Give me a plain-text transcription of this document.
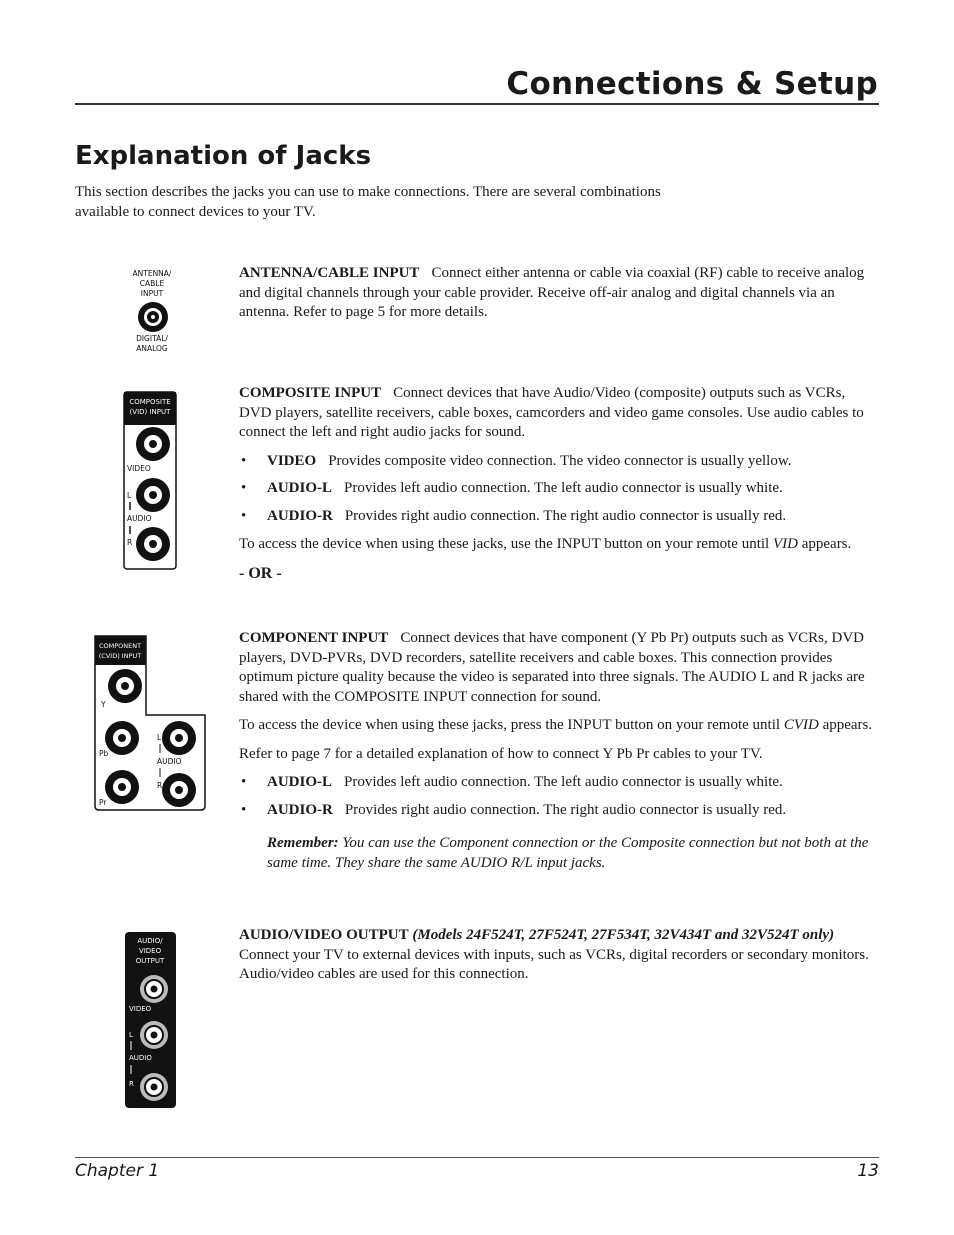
Connections & Setup
Explanation of Jacks
This section describes the jacks you can use to make connections. There are several combinations available to connect devices to your TV.
ANTENNA/
CABLE
INPUT
DIGITAL/
ANALOG

ANTENNA/CABLE INPUT Connect either antenna or cable via coaxial (RF) cable to receive analog and digital channels through your cable provider. Receive off-air analog and digital channels via an antenna. Refer to page 5 for more details.

COMPOSITE
(VID) INPUT
VIDEO
L
AUDIO
R

COMPOSITE INPUT Connect devices that have Audio/Video (composite) outputs such as VCRs, DVD players, satellite receivers, cable boxes, camcorders and video game consoles. Use audio cables to connect the left and right audio jacks for sound.

• VIDEO Provides composite video connection. The video connector is usually yellow.
• AUDIO-L Provides left audio connection. The left audio connector is usually white.
• AUDIO-R Provides right audio connection. The right audio connector is usually red.

To access the device when using these jacks, use the INPUT button on your remote until VID appears.

- OR -
COMPONENT
(CVID) INPUT
Y
Pb
Pr
L
AUDIO
R

COMPONENT INPUT Connect devices that have component (Y Pb Pr) outputs such as VCRs, DVD players, DVD-PVRs, DVD recorders, satellite receivers and cable boxes. This connection provides optimum picture quality because the video is separated into three signals. The AUDIO L and R jacks are shared with the COMPOSITE INPUT connection for sound.

To access the device when using these jacks, press the INPUT button on your remote until CVID appears.

Refer to page 7 for a detailed explanation of how to connect Y Pb Pr cables to your TV.

• AUDIO-L Provides left audio connection. The left audio connector is usually white.
• AUDIO-R Provides right audio connection. The right audio connector is usually red.
Remember: You can use the Component connection or the Composite connection but not both at the same time. They share the same AUDIO R/L input jacks.
AUDIO/
VIDEO
OUTPUT
VIDEO
L
AUDIO
R

AUDIO/VIDEO OUTPUT (Models 24F524T, 27F524T, 27F534T, 32V434T and 32V524T only)Connect your TV to external devices with inputs, such as VCRs, digital recorders or secondary monitors. Audio/video cables are used for this connection.

Chapter 1	13
